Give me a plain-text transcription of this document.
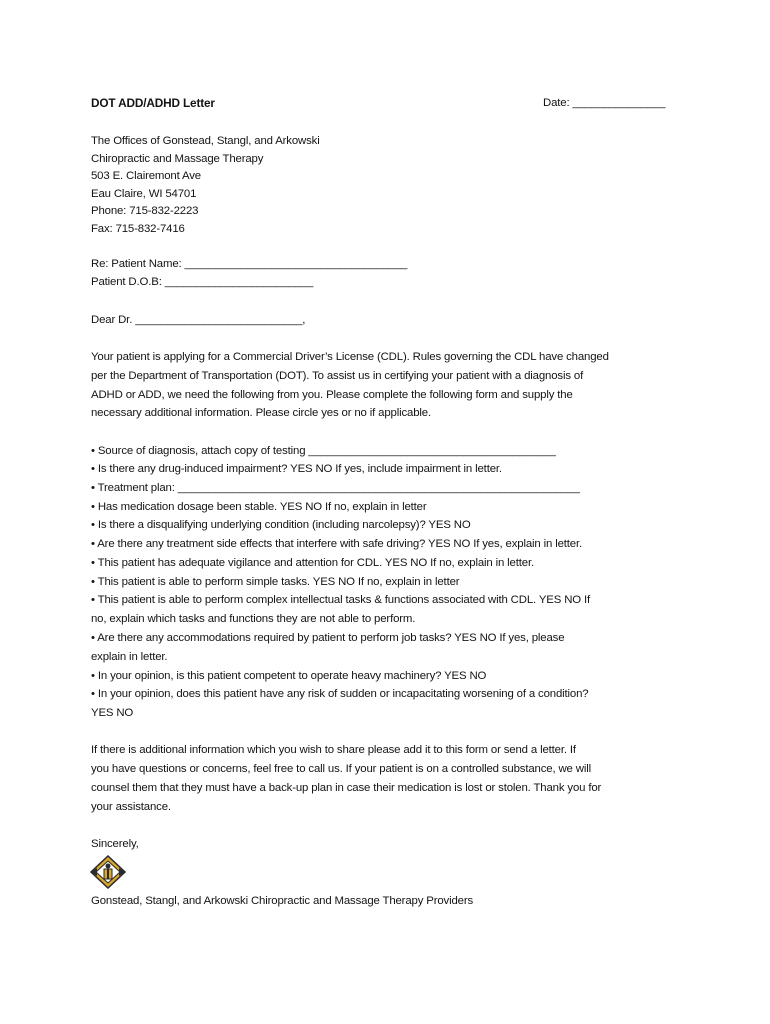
DOT ADD/ADHD Letter	Date: _______________
The Offices of Gonstead, Stangl, and Arkowski
Chiropractic and Massage Therapy
503 E. Clairemont Ave
Eau Claire, WI 54701
Phone: 715-832-2223
Fax: 715-832-7416
Re: Patient Name: ____________________________________
Patient D.O.B: ________________________
Dear Dr. ___________________________,
Your patient is applying for a Commercial Driver’s License (CDL). Rules governing the CDL have changed
per the Department of Transportation (DOT). To assist us in certifying your patient with a diagnosis of
ADHD or ADD, we need the following from you. Please complete the following form and supply the
necessary additional information. Please circle yes or no if applicable.
• Source of diagnosis, attach copy of testing ________________________________________
• Is there any drug-induced impairment? YES NO If yes, include impairment in letter.
• Treatment plan: _________________________________________________________________
• Has medication dosage been stable. YES NO If no, explain in letter
• Is there a disqualifying underlying condition (including narcolepsy)? YES NO
• Are there any treatment side effects that interfere with safe driving? YES NO If yes, explain in letter.
• This patient has adequate vigilance and attention for CDL. YES NO If no, explain in letter.
• This patient is able to perform simple tasks. YES NO If no, explain in letter
• This patient is able to perform complex intellectual tasks & functions associated with CDL. YES NO If
no, explain which tasks and functions they are not able to perform.
• Are there any accommodations required by patient to perform job tasks? YES NO If yes, please
explain in letter.
• In your opinion, is this patient competent to operate heavy machinery? YES NO
• In your opinion, does this patient have any risk of sudden or incapacitating worsening of a condition?
YES NO
If there is additional information which you wish to share please add it to this form or send a letter. If
you have questions or concerns, feel free to call us. If your patient is on a controlled substance, we will
counsel them that they must have a back-up plan in case their medication is lost or stolen. Thank you for
your assistance.
Sincerely,
Gonstead, Stangl, and Arkowski Chiropractic and Massage Therapy Providers
